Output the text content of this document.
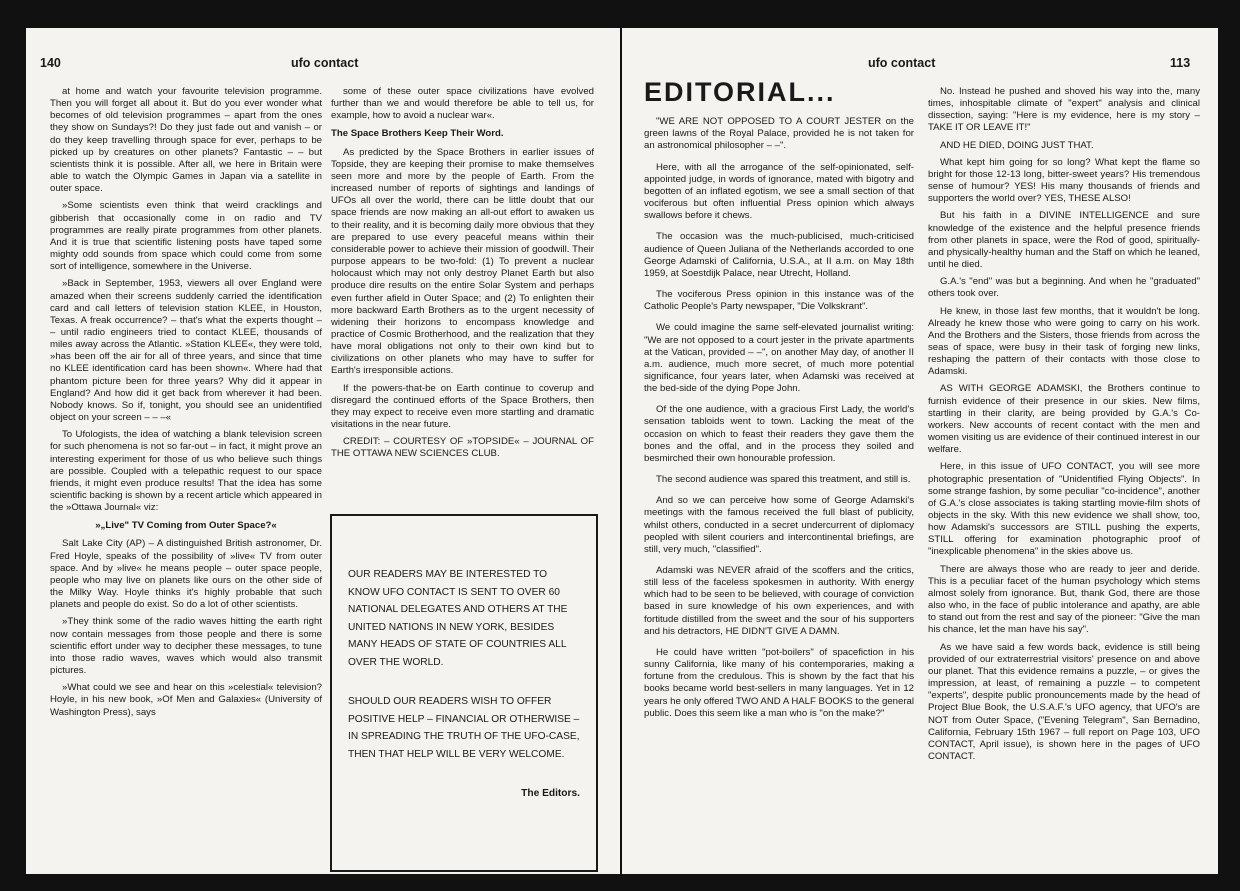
140	ufo contact

at home and watch your favourite television programme. Then you will forget all about it. But do you ever wonder what becomes of old television programmes – apart from the ones they show on Sundays?! Do they just fade out and vanish – or do they keep travelling through space for ever, perhaps to be picked up by creatures on other planets? Fantastic – – but scientists think it is possible. After all, we here in Britain were able to watch the Olympic Games in Japan via a satellite in outer space.

»Some scientists even think that weird cracklings and gibberish that occasionally come in on radio and TV programmes are really pirate programmes from other planets. And it is true that scientific listening posts have taped some mighty odd sounds from space which could come from some sort of intelligence, somewhere in the Universe.

»Back in September, 1953, viewers all over England were amazed when their screens suddenly carried the identification card and call letters of television station KLEE, in Houston, Texas. A freak occurrence? – that's what the experts thought – – until radio engineers tried to contact KLEE, thousands of miles away across the Atlantic. »Station KLEE«, they were told, »has been off the air for all of three years, and since that time no KLEE identification card has been shown«. Where had that phantom picture been for three years? Why did it appear in England? And how did it get back from wherever it had been. Nobody knows. So if, tonight, you should see an unidentified object on your screen – – –«

To Ufologists, the idea of watching a blank television screen for such phenomena is not so far-out – in fact, it might prove an interesting experiment for those of us who believe such things are possible. Coupled with a telepathic request to our space friends, it might even produce results! That the idea has some scientific backing is shown by a recent article which appeared in the »Ottawa Journal« viz:

»„Live" TV Coming from Outer Space?«

Salt Lake City (AP) – A distinguished British astronomer, Dr. Fred Hoyle, speaks of the possibility of »live« TV from outer space. And by »live« he means people – outer space people, people who may live on planets like ours on the other side of the Milky Way. Hoyle thinks it's highly probable that such planets and people do exist. So do a lot of other scientists.

»They think some of the radio waves hitting the earth right now contain messages from those people and there is some scientific effort under way to decipher these messages, to tune into those radio waves, waves which would also transmit pictures.

»What could we see and hear on this »celestial« television? Hoyle, in his new book, »Of Men and Galaxies« (University of Washington Press), says

some of these outer space civilizations have evolved further than we and would therefore be able to tell us, for example, how to avoid a nuclear war«.

The Space Brothers Keep Their Word.

As predicted by the Space Brothers in earlier issues of Topside, they are keeping their promise to make themselves seen more and more by the people of Earth. From the increased number of reports of sightings and landings of UFOs all over the world, there can be little doubt that our space friends are now making an all-out effort to awaken us to their reality, and it is becoming daily more obvious that they are prepared to use every peaceful means within their considerable power to achieve their mission of goodwill. Their purpose appears to be two-fold: (1) To prevent a nuclear holocaust which may not only destroy Planet Earth but also produce dire results on the entire Solar System and perhaps even further afield in Outer Space; and (2) To enlighten their more backward Earth Brothers as to the urgent necessity of widening their horizons to encompass knowledge and practice of Cosmic Brotherhood, and the realization that they have moral obligations not only to their own kind but to civilizations on other planets who may have to suffer for Earth's irresponsible actions.

If the powers-that-be on Earth continue to coverup and disregard the continued efforts of the Space Brothers, then they may expect to receive even more startling and dramatic visitations in the near future.

CREDIT: – COURTESY OF »TOPSIDE« – JOURNAL OF THE OTTAWA NEW SCIENCES CLUB.

OUR READERS MAY BE INTERESTED TO KNOW UFO CONTACT IS SENT TO OVER 60 NATIONAL DELEGATES AND OTHERS AT THE UNITED NATIONS IN NEW YORK, BESIDES MANY HEADS OF STATE OF COUNTRIES ALL OVER THE WORLD.

SHOULD OUR READERS WISH TO OFFER POSITIVE HELP – FINANCIAL OR OTHERWISE – IN SPREADING THE TRUTH OF THE UFO-CASE, THEN THAT HELP WILL BE VERY WELCOME.

The Editors.

ufo contact	113
EDITORIAL...

"WE ARE NOT OPPOSED TO A COURT JESTER on the green lawns of the Royal Palace, provided he is not taken for an astronomical philosopher – –".

Here, with all the arrogance of the self-opinionated, self-appointed judge, in words of ignorance, mated with bigotry and begotten of an inflated egotism, we see a small section of that vociferous but often influential Press opinion which always swallows before it chews.

The occasion was the much-publicised, much-criticised audience of Queen Juliana of the Netherlands accorded to one George Adamski of California, U.S.A., at II a.m. on May 18th 1959, at Soestdijk Palace, near Utrecht, Holland.

The vociferous Press opinion in this instance was of the Catholic People's Party newspaper, "Die Volkskrant".

We could imagine the same self-elevated journalist writing: "We are not opposed to a court jester in the private apartments at the Vatican, provided – –", on another May day, of another II a.m. audience, much more secret, of much more potential significance, four years later, when Adamski was received at the bed-side of the dying Pope John.

Of the one audience, with a gracious First Lady, the world's sensation tabloids went to town. Lacking the meat of the occasion on which to feast their readers they gave them the bones and the offal, and in the process they soiled and besmirched their own honourable profession.

The second audience was spared this treatment, and still is.

And so we can perceive how some of George Adamski's meetings with the famous received the full blast of publicity, whilst others, conducted in a secret undercurrent of diplomacy peopled with silent couriers and intercontinental briefings, are still, very much, "classified".

Adamski was NEVER afraid of the scoffers and the critics, still less of the faceless spokesmen in authority. With energy which had to be seen to be believed, with courage of conviction based in sure knowledge of his own experiences, and with fortitude distilled from the sweet and the sour of his supporters and his detractors, HE DIDN'T GIVE A DAMN.

He could have written "pot-boilers" of spacefiction in his sunny California, like many of his contemporaries, making a fortune from the credulous. This is shown by the fact that his books became world best-sellers in many languages. Yet in 12 years he only offered TWO AND A HALF BOOKS to the general public. Does this seem like a man who is "on the make?"

No. Instead he pushed and shoved his way into the, many times, inhospitable climate of "expert" analysis and clinical dissection, saying: "Here is my evidence, here is my story – TAKE IT OR LEAVE IT!"

AND HE DIED, DOING JUST THAT.

What kept him going for so long? What kept the flame so bright for those 12-13 long, bitter-sweet years? His tremendous sense of humour? YES! His many thousands of friends and supporters the world over? YES, THESE ALSO!

But his faith in a DIVINE INTELLIGENCE and sure knowledge of the existence and the helpful presence friends from other planets in space, were the Rod of good, spiritually- and physically-healthy human and the Staff on which he leaned, until he died.

G.A.'s "end" was but a beginning. And when he "graduated" others took over.

He knew, in those last few months, that it wouldn't be long. Already he knew those who were going to carry on his work. And the Brothers and the Sisters, those friends from across the seas of space, were busy in their task of forging new links, reshaping the pattern of their contacts with those close to Adamski.

AS WITH GEORGE ADAMSKI, the Brothers continue to furnish evidence of their presence in our skies. New films, startling in their clarity, are being provided by G.A.'s Co-workers. New accounts of recent contact with the men and women visiting us are evidence of their continued interest in our welfare.

Here, in this issue of UFO CONTACT, you will see more photographic presentation of "Unidentified Flying Objects". In some strange fashion, by some peculiar "co-incidence", another of G.A.'s close associates is taking startling movie-film shots of objects in the sky. With this new evidence we shall show, too, how Adamski's successors are STILL pushing the experts, STILL offering for examination photographic proof of "inexplicable phenomena" in the skies above us.

There are always those who are ready to jeer and deride. This is a peculiar facet of the human psychology which stems almost solely from ignorance. But, thank God, there are those also who, in the face of public intolerance and apathy, are able to stand out from the rest and say of the pioneer: "Give the man his chance, let the man have his say".

As we have said a few words back, evidence is still being provided of our extraterrestrial visitors' presence on and above our planet. That this evidence remains a puzzle, – or gives the impression, at least, of remaining a puzzle – to competent "experts", despite public pronouncements made by the head of Project Blue Book, the U.S.A.F.'s UFO agency, that UFO's are NOT from Outer Space, ("Evening Telegram", San Bernadino, California, February 15th 1967 – full report on Page 103, UFO CONTACT, April issue), is shown here in the pages of UFO CONTACT.
